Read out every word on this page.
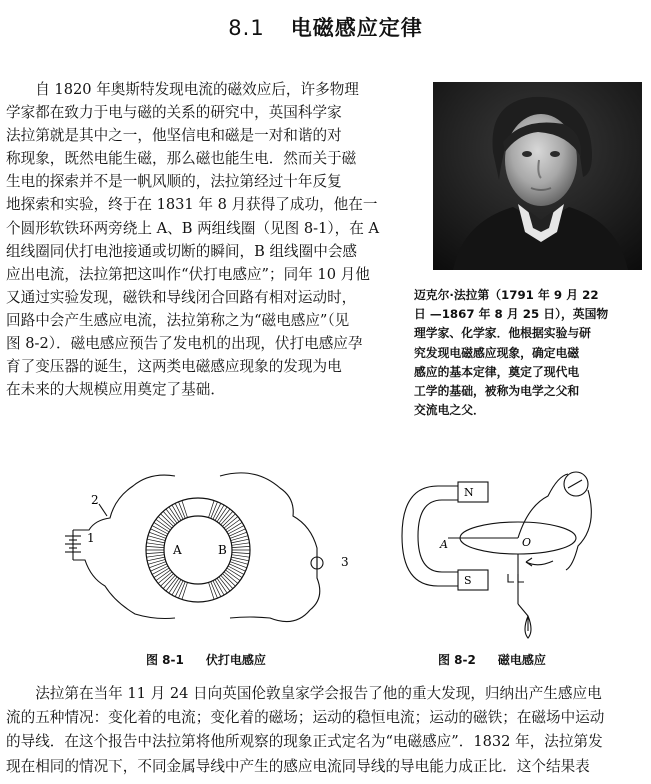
8.1 电磁感应定律
　　自 1820 年奥斯特发现电流的磁效应后，许多物理
学家都在致力于电与磁的关系的研究中，英国科学家
法拉第就是其中之一，他坚信电和磁是一对和谐的对
称现象，既然电能生磁，那么磁也能生电．然而关于磁
生电的探索并不是一帆风顺的，法拉第经过十年反复
地探索和实验，终于在 1831 年 8 月获得了成功，他在一
个圆形软铁环两旁绕上 A、B 两组线圈（见图 8-1），在 A
组线圈同伏打电池接通或切断的瞬间，B 组线圈中会感
应出电流，法拉第把这叫作“伏打电感应”；同年 10 月他
又通过实验发现，磁铁和导线闭合回路有相对运动时，
回路中会产生感应电流，法拉第称之为“磁电感应”（见
图 8-2）．磁电感应预告了发电机的出现，伏打电感应孕
育了变压器的诞生，这两类电磁感应现象的发现为电
在未来的大规模应用奠定了基础．
迈克尔·法拉第（1791 年 9 月 22
日 —1867 年 8 月 25 日），英国物
理学家、化学家．他根据实验与研
究发现电磁感应现象，确定电磁
感应的基本定律，奠定了现代电
工学的基础，被称为电学之父和
交流电之父．
2
1
3
A	B
图 8-1 伏打电感应
N
S
A	O
图 8-2 磁电感应
　　法拉第在当年 11 月 24 日向英国伦敦皇家学会报告了他的重大发现，归纳出产生感应电
流的五种情况：变化着的电流；变化着的磁场；运动的稳恒电流；运动的磁铁；在磁场中运动
的导线．在这个报告中法拉第将他所观察的现象正式定名为“电磁感应”．1832 年，法拉第发
现在相同的情况下，不同金属导线中产生的感应电流同导线的导电能力成正比．这个结果表
